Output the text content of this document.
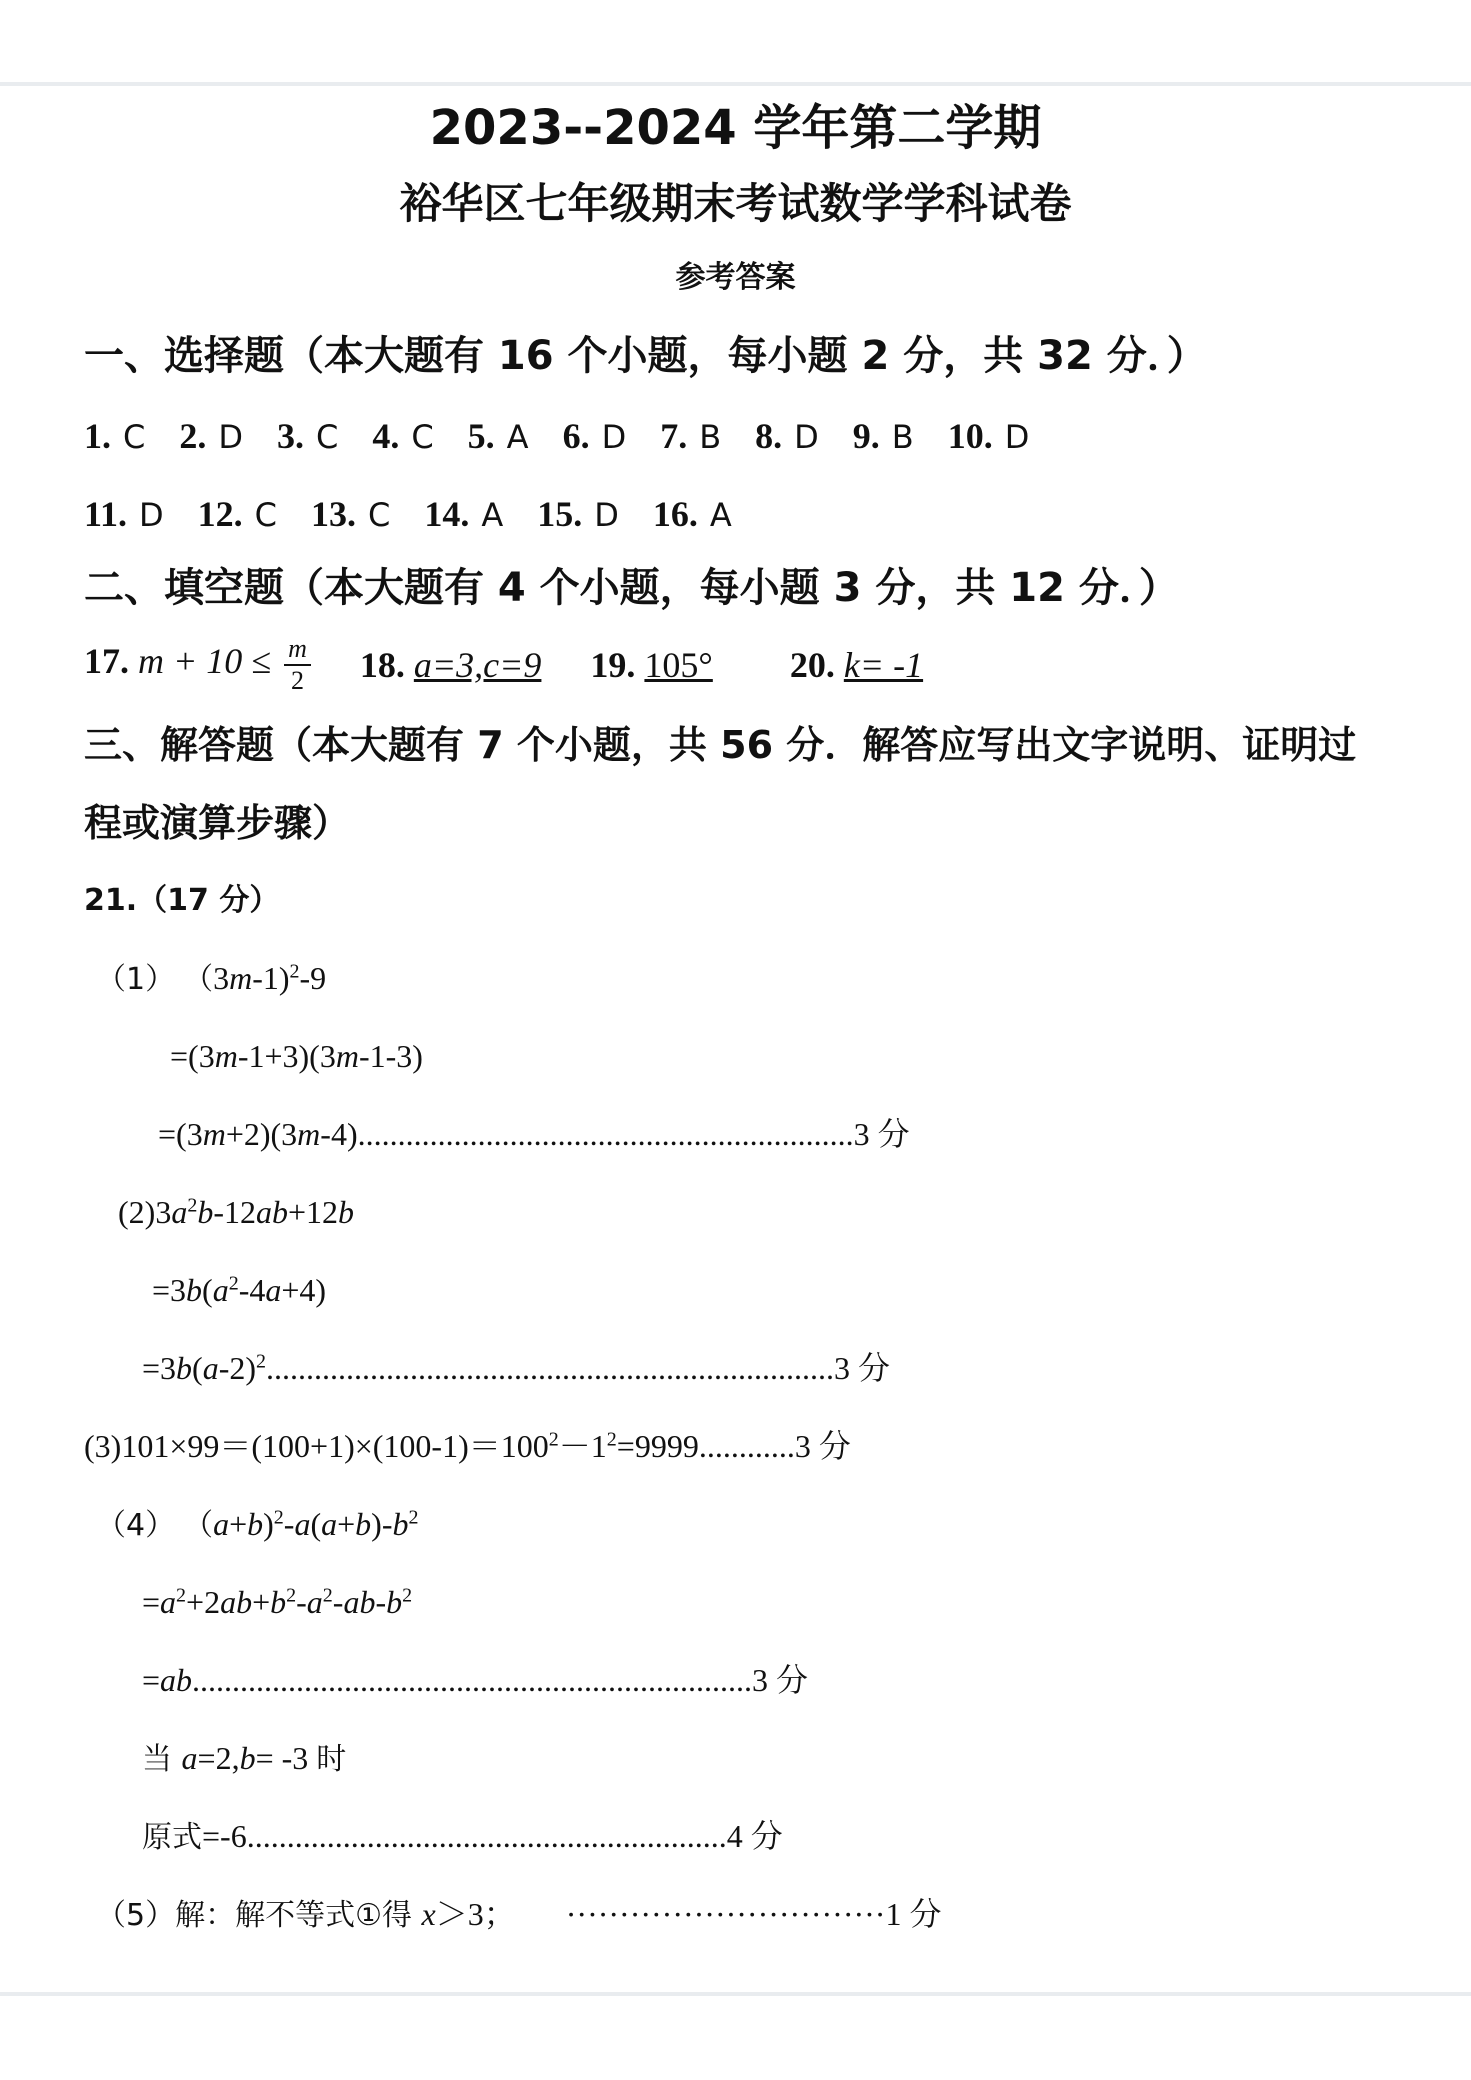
2023--2024 学年第二学期
裕华区七年级期末考试数学学科试卷
参考答案
一、选择题（本大题有 16 个小题，每小题 2 分，共 32 分．）
1. C 2. D 3. C 4. C 5. A 6. D 7. B 8. D 9. B 10. D
11. D 12. C 13. C 14. A 15. D 16. A
二、填空题（本大题有 4 个小题，每小题 3 分，共 12 分．）
17. $m + 10 \le \frac{m}{2} 18$. a=3,c=9 19. 105° 20. k= -1
三、解答题（本大题有 7 个小题，共 56 分．解答应写出文字说明、证明过
程或演算步骤）
21.（17 分）
（1） （3m-1)$^2$-9
=(3m-1+3)(3m-1-3)
=(3m+2)(3m-4)..............................................................3 分
$(2)3a^2b-12ab+12b$
$=3b(a^2-4a+4)$
$=3b(a-2)^2.......................................................................3$ 分
$(3)101\times 99=(100+1)\times(100-1)=100^2-1^2=9999............3$ 分
（4） $(a+b)^2-a(a+b)-b^2$
$=a^2+2ab+b^2-a^2-ab-b^2$
=ab......................................................................3 分
当 a=2,b= -3 时
原式=-6............................................................4 分
（5）解：解不等式①得 x＞3； ······························1 分
